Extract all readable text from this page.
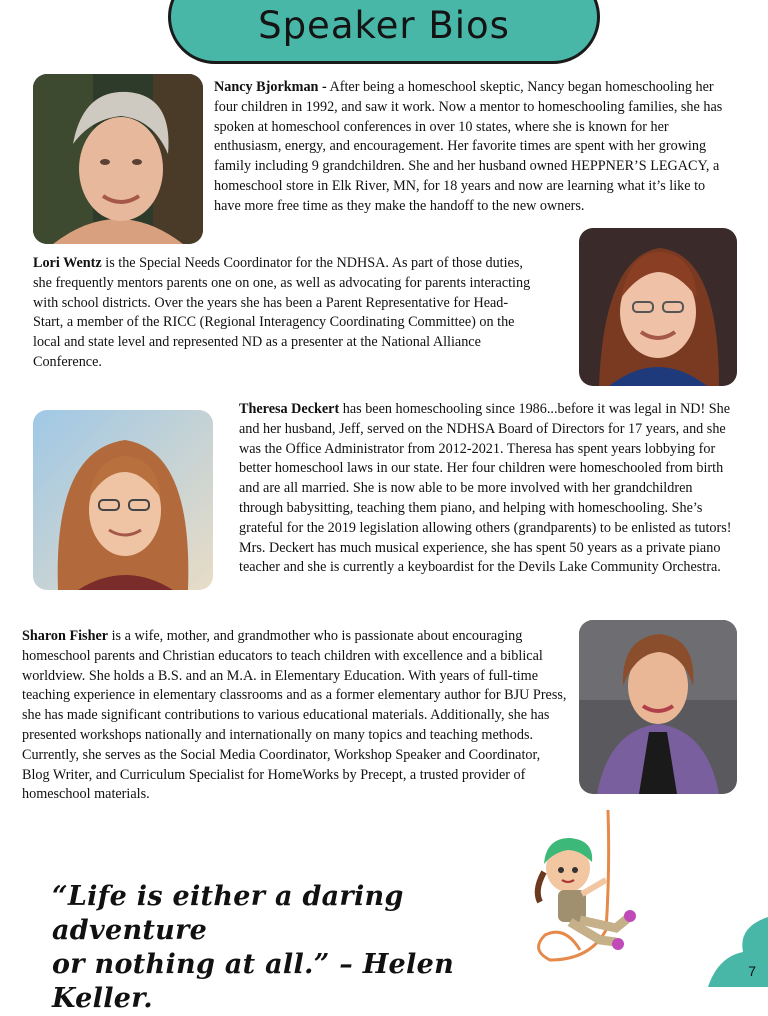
Speaker Bios

Nancy Bjorkman - After being a homeschool skeptic, Nancy began homeschooling her four children in 1992, and saw it work. Now a mentor to homeschooling families, she has spoken at homeschool conferences in over 10 states, where she is known for her enthusiasm, energy, and encouragement. Her favorite times are spent with her growing family including 9 grandchildren. She and her husband owned HEPPNER’S LEGACY, a homeschool store in Elk River, MN, for 18 years and now are learning what it’s like to have more free time as they make the handoff to the new owners.

Lori Wentz is the Special Needs Coordinator for the NDHSA. As part of those duties, she frequently mentors parents one on one, as well as advocating for parents interacting with school districts. Over the years she has been a Parent Representative for Head-Start, a member of the RICC (Regional Interagency Coordinating Committee) on the local and state level and represented ND as a presenter at the National Alliance Conference.

Theresa Deckert has been homeschooling since 1986...before it was legal in ND! She and her husband, Jeff, served on the NDHSA Board of Directors for 17 years, and she was the Office Administrator from 2012-2021. Theresa has spent years lobbying for better homeschool laws in our state. Her four children were homeschooled from birth and are all married. She is now able to be more involved with her grandchildren through babysitting, teaching them piano, and helping with homeschooling. She’s grateful for the 2019 legislation allowing others (grandparents) to be enlisted as tutors! Mrs. Deckert has much musical experience, she has spent 50 years as a private piano teacher and she is currently a keyboardist for the Devils Lake Community Orchestra.

Sharon Fisher is a wife, mother, and grandmother who is passionate about encouraging homeschool parents and Christian educators to teach children with excellence and a biblical worldview. She holds a B.S. and an M.A. in Elementary Education. With years of full-time teaching experience in elementary classrooms and as a former elementary author for BJU Press, she has made significant contributions to various educational materials. Additionally, she has presented workshops nationally and internationally on many topics and teaching methods. Currently, she serves as the Social Media Coordinator, Workshop Speaker and Coordinator, Blog Writer, and Curriculum Specialist for HomeWorks by Precept, a trusted provider of homeschool materials.

“Life is either a daring adventure
or nothing at all.” – Helen Keller.
7
